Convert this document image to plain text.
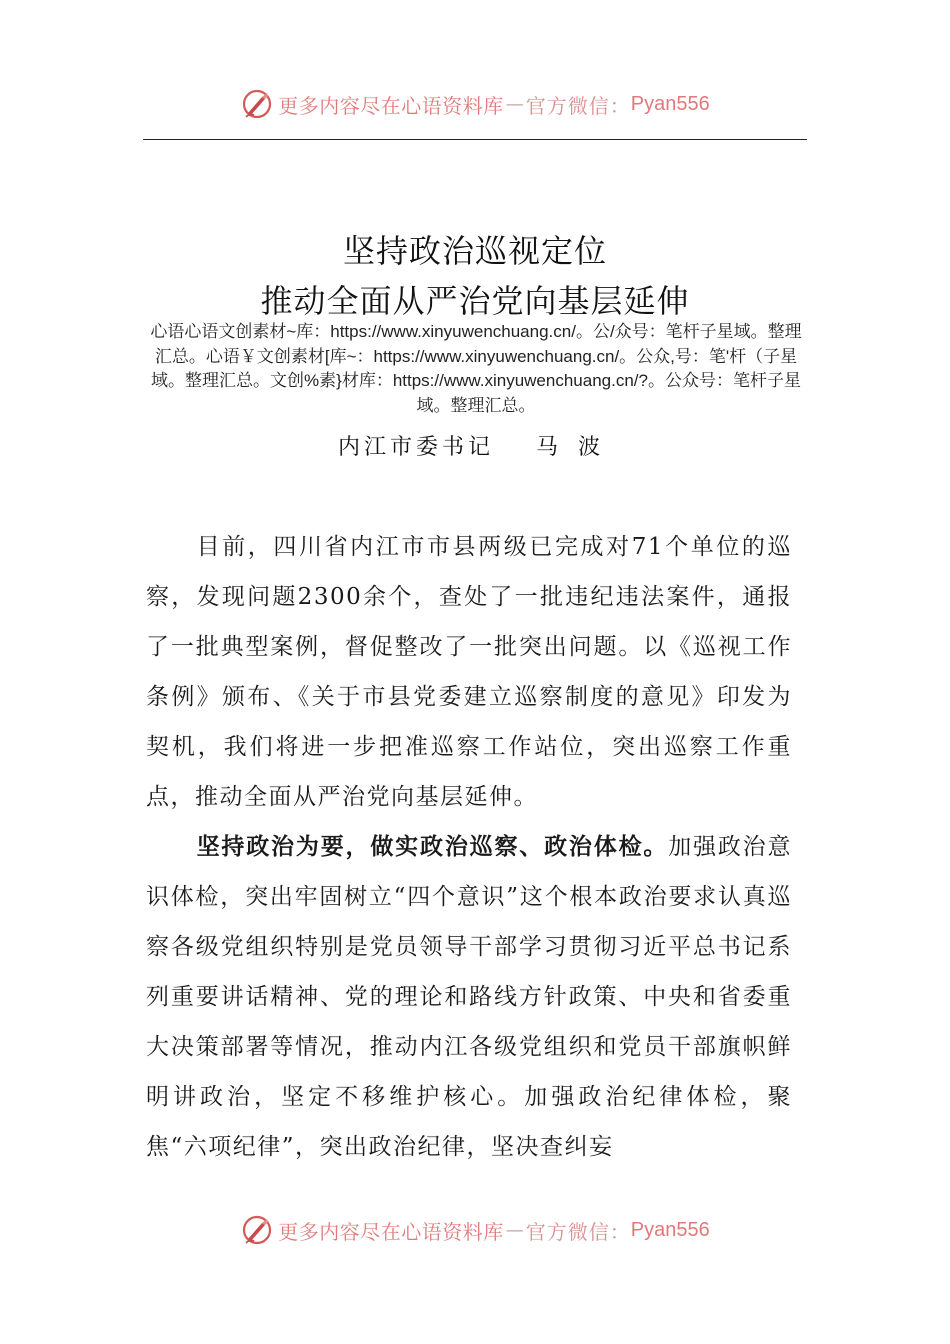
更多内容尽在心语资料库 — 官方微信： Pyan556
坚持政治巡视定位
推动全面从严治党向基层延伸

心语心语文创素材~库：https://www.xinyuwenchuang.cn/。公/众号：笔杆子星域。整理汇总。心语￥文创素材[库~：https://www.xinyuwenchuang.cn/。公众,号：笔'杆（子星域。整理汇总。文创%素}材库：https://www.xinyuwenchuang.cn/?。公众号：笔杆子星域。整理汇总。

内江市委书记 马 波

目前，四川省内江市市县两级已完成对71个单位的巡察，发现问题2300余个，查处了一批违纪违法案件，通报了一批典型案例，督促整改了一批突出问题。以《巡视工作条例》颁布、《关于市县党委建立巡察制度的意见》印发为契机，我们将进一步把准巡察工作站位，突出巡察工作重点，推动全面从严治党向基层延伸。

坚持政治为要，做实政治巡察、政治体检。加强政治意识体检，突出牢固树立“四个意识”这个根本政治要求认真巡察各级党组织特别是党员领导干部学习贯彻习近平总书记系列重要讲话精神、党的理论和路线方针政策、中央和省委重大决策部署等情况，推动内江各级党组织和党员干部旗帜鲜明讲政治，坚定不移维护核心。加强政治纪律体检，聚焦“六项纪律”，突出政治纪律，坚决查纠妄

更多内容尽在心语资料库 — 官方微信： Pyan556
